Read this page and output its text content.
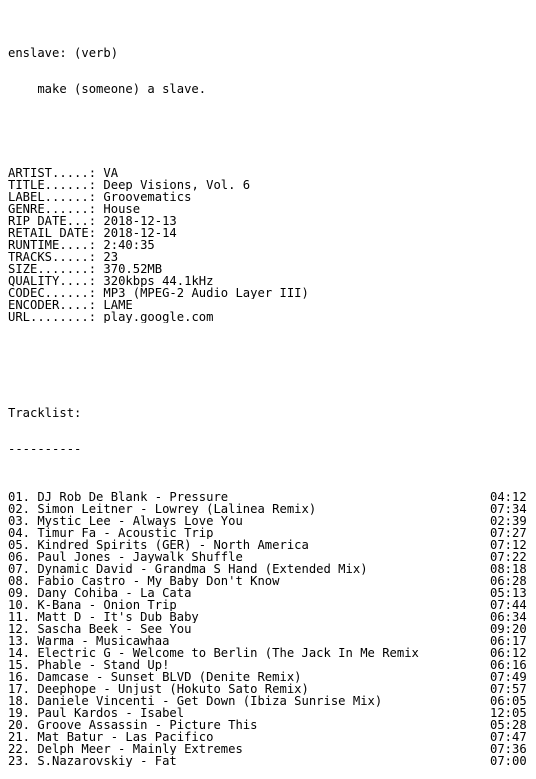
enslave: (verb)

make (someone) a slave.

ARTIST.....: VA
TITLE......: Deep Visions, Vol. 6
LABEL......: Groovematics
GENRE......: House
RIP DATE...: 2018-12-13
RETAIL DATE: 2018-12-14
RUNTIME....: 2:40:35
TRACKS.....: 23
SIZE.......: 370.52MB
QUALITY....: 320kbps 44.1kHz
CODEC......: MP3 (MPEG-2 Audio Layer III)
ENCODER....: LAME
URL........: play.google.com

Tracklist:

----------

01. DJ Rob De Blank - Pressure	04:12
02. Simon Leitner - Lowrey (Lalinea Remix)	07:34
03. Mystic Lee - Always Love You	02:39
04. Timur Fa - Acoustic Trip	07:27
05. Kindred Spirits (GER) - North America	07:12
06. Paul Jones - Jaywalk Shuffle	07:22
07. Dynamic David - Grandma S Hand (Extended Mix)	08:18
08. Fabio Castro - My Baby Don't Know	06:28
09. Dany Cohiba - La Cata	05:13
10. K-Bana - Onion Trip	07:44
11. Matt D - It's Dub Baby	06:34
12. Sascha Beek - See You	09:20
13. Warma - Musicawhaa	06:17
14. Electric G - Welcome to Berlin (The Jack In Me Remix	06:12
15. Phable - Stand Up!	06:16
16. Damcase - Sunset BLVD (Denite Remix)	07:49
17. Deephope - Unjust (Hokuto Sato Remix)	07:57
18. Daniele Vincenti - Get Down (Ibiza Sunrise Mix)	06:05
19. Paul Kardos - Isabel	12:05
20. Groove Assassin - Picture This	05:28
21. Mat Batur - Las Pacifico	07:47
22. Delph Meer - Mainly Extremes	07:36
23. S.Nazarovskiy - Fat	07:00
